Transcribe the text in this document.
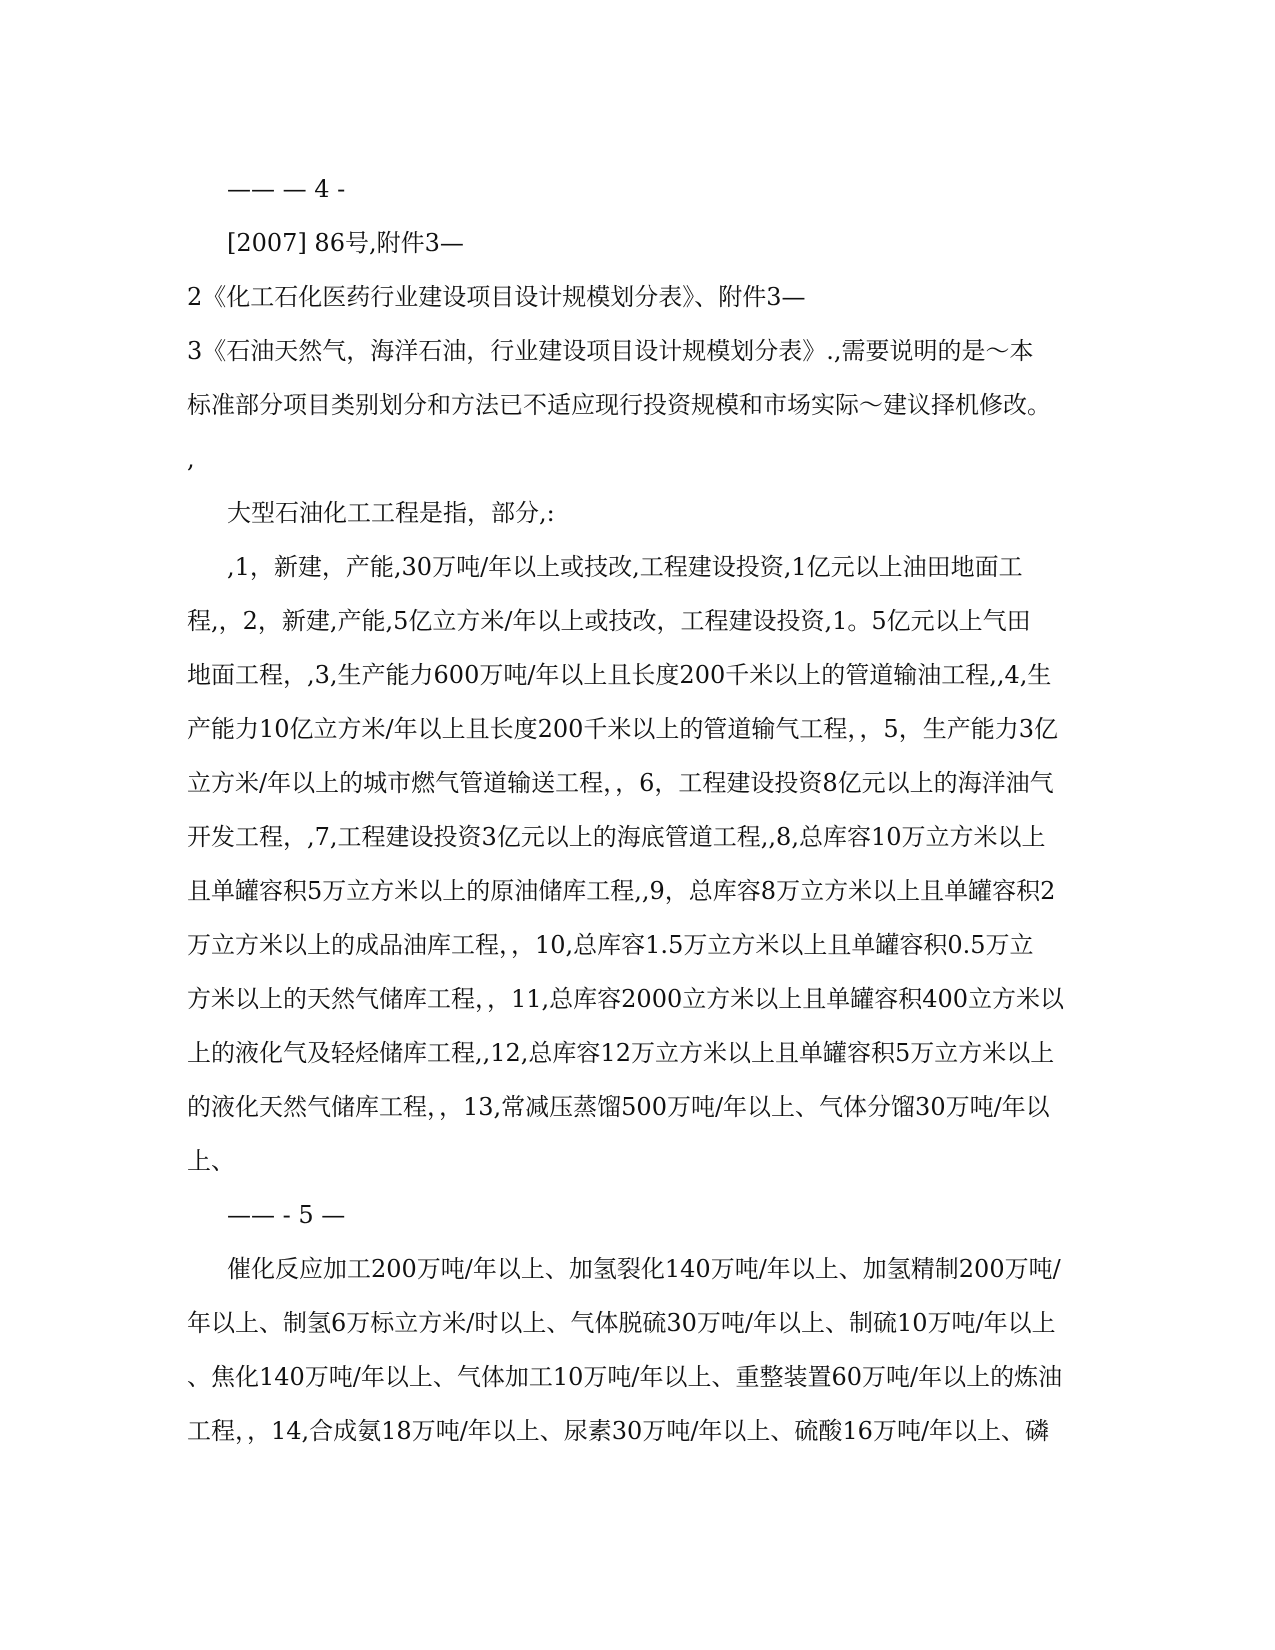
—— — 4 -
[2007] 86号,附件3—
2《化工石化医药行业建设项目设计规模划分表》、附件3—
3《石油天然气，海洋石油，行业建设项目设计规模划分表》.,需要说明的是～本
标准部分项目类别划分和方法已不适应现行投资规模和市场实际～建议择机修改。
,
大型石油化工工程是指，部分,:
,1，新建，产能,30万吨/年以上或技改,工程建设投资,1亿元以上油田地面工
程,，2，新建,产能,5亿立方米/年以上或技改，工程建设投资,1。5亿元以上气田
地面工程，,3,生产能力600万吨/年以上且长度200千米以上的管道输油工程,,4,生
产能力10亿立方米/年以上且长度200千米以上的管道输气工程，，5，生产能力3亿
立方米/年以上的城市燃气管道输送工程，，6，工程建设投资8亿元以上的海洋油气
开发工程，,7,工程建设投资3亿元以上的海底管道工程,,8,总库容10万立方米以上
且单罐容积5万立方米以上的原油储库工程,,9，总库容8万立方米以上且单罐容积2
万立方米以上的成品油库工程，，10,总库容1.5万立方米以上且单罐容积0.5万立
方米以上的天然气储库工程，，11,总库容2000立方米以上且单罐容积400立方米以
上的液化气及轻烃储库工程,,12,总库容12万立方米以上且单罐容积5万立方米以上
的液化天然气储库工程，，13,常减压蒸馏500万吨/年以上、气体分馏30万吨/年以
上、
—— - 5 —
催化反应加工200万吨/年以上、加氢裂化140万吨/年以上、加氢精制200万吨/
年以上、制氢6万标立方米/时以上、气体脱硫30万吨/年以上、制硫10万吨/年以上
、焦化140万吨/年以上、气体加工10万吨/年以上、重整装置60万吨/年以上的炼油
工程，，14,合成氨18万吨/年以上、尿素30万吨/年以上、硫酸16万吨/年以上、磷
